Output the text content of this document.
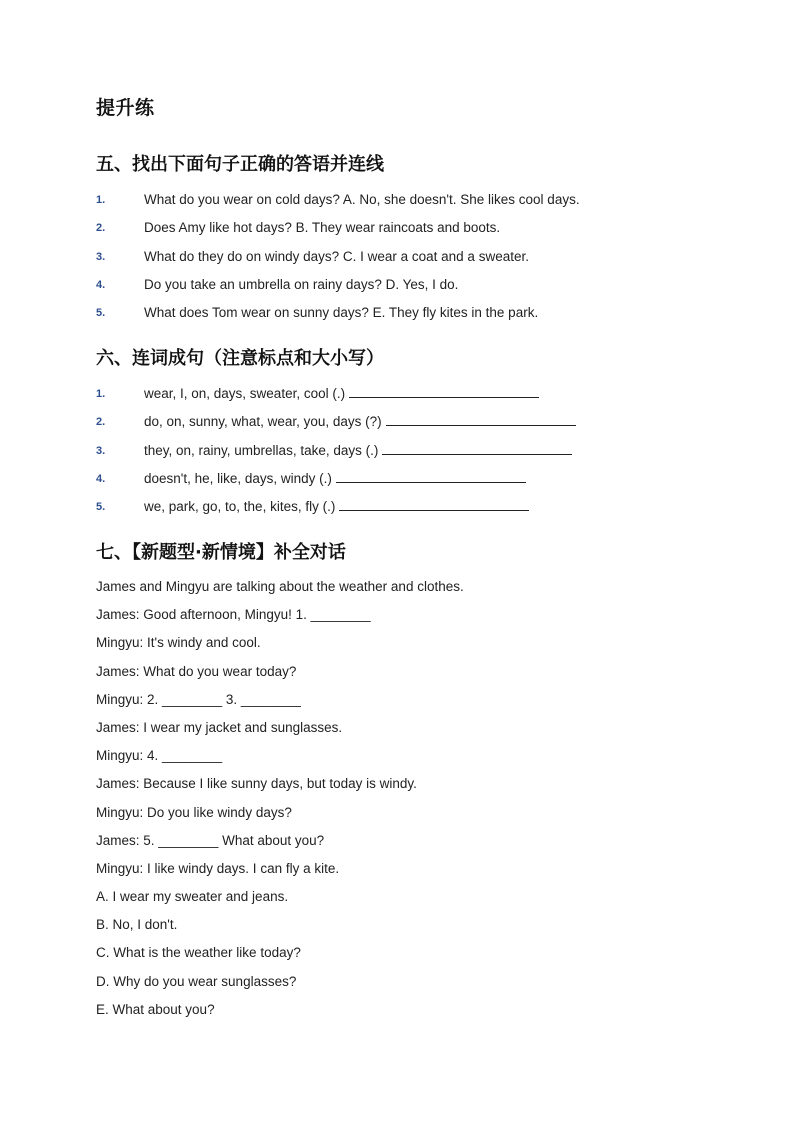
提升练
五、找出下面句子正确的答语并连线
1.	What do you wear on cold days? A. No, she doesn't. She likes cool days.
2.	Does Amy like hot days? B. They wear raincoats and boots.
3.	What do they do on windy days? C. I wear a coat and a sweater.
4.	Do you take an umbrella on rainy days? D. Yes, I do.
5.	What does Tom wear on sunny days? E. They fly kites in the park.
六、连词成句（注意标点和大小写）
1.	wear, I, on, days, sweater, cool (.)
2.	do, on, sunny, what, wear, you, days (?)
3.	they, on, rainy, umbrellas, take, days (.)
4.	doesn't, he, like, days, windy (.)
5.	we, park, go, to, the, kites, fly (.)
七、【新题型·新情境】补全对话
James and Mingyu are talking about the weather and clothes.
James: Good afternoon, Mingyu! 1. ________
Mingyu: It's windy and cool.
James: What do you wear today?
Mingyu: 2. ________ 3. ________
James: I wear my jacket and sunglasses.
Mingyu: 4. ________
James: Because I like sunny days, but today is windy.
Mingyu: Do you like windy days?
James: 5. ________ What about you?
Mingyu: I like windy days. I can fly a kite.
A. I wear my sweater and jeans.
B. No, I don't.
C. What is the weather like today?
D. Why do you wear sunglasses?
E. What about you?
